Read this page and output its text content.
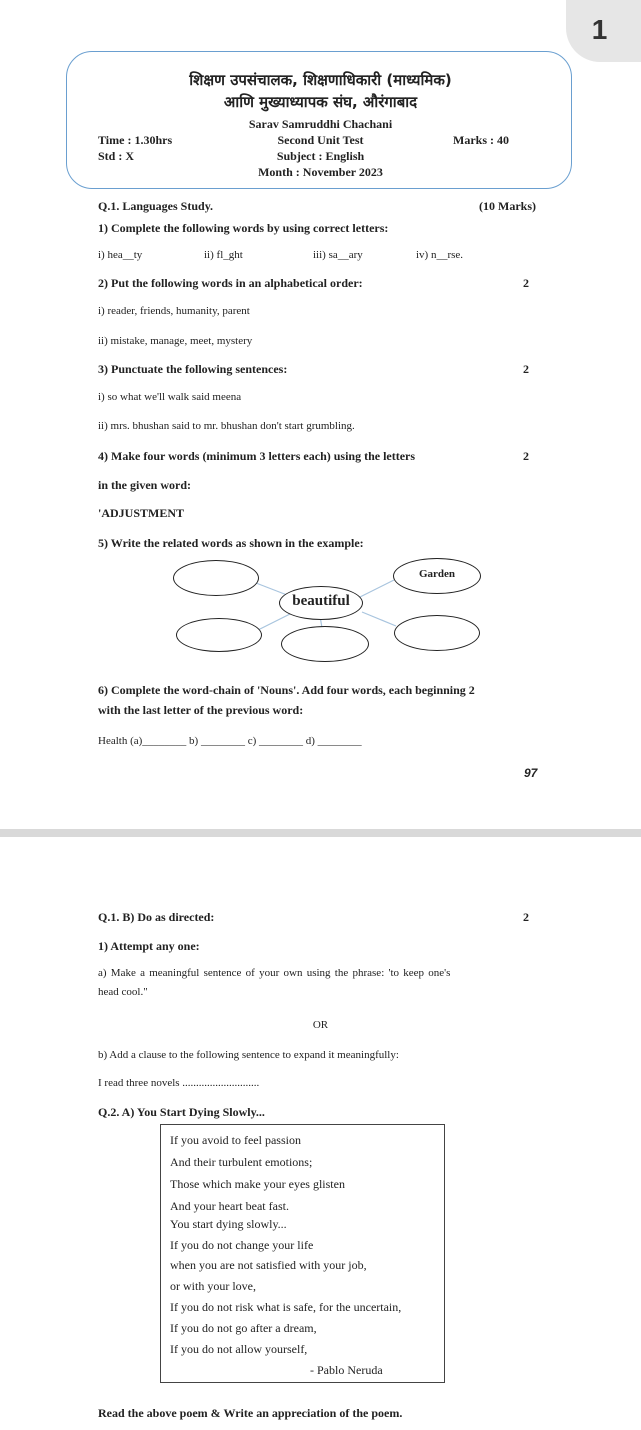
1
शिक्षण उपसंचालक, शिक्षणाधिकारी (माध्यमिक)
आणि मुख्याध्यापक संघ, औरंगाबाद
Sarav Samruddhi Chachani
Time : 1.30hrs	Second Unit Test	Marks : 40
Std : X	Subject : English
Month : November 2023
Q.1. Languages Study.	(10 Marks)
1) Complete the following words by using correct letters:
i) hea__ty	ii) fl_ght	iii) sa__ary	iv) n__rse.
2) Put the following words in an alphabetical order:	2
i) reader, friends, humanity, parent
ii) mistake, manage, meet, mystery
3) Punctuate the following sentences:	2
i) so what we'll walk said meena
ii) mrs. bhushan said to mr. bhushan don't start grumbling.
4) Make four words (minimum 3 letters each) using the letters	2
in the given word:
'ADJUSTMENT
5) Write the related words as shown in the example:
Garden
beautiful
6) Complete the word-chain of 'Nouns'. Add four words, each beginning 2
with the last letter of the previous word:
Health (a)________ b) ________ c) ________ d) ________
97
Q.1. B) Do as directed:	2
1) Attempt any one:
a) Make a meaningful sentence of your own using the phrase: 'to keep one's
head cool."
OR
b) Add a clause to the following sentence to expand it meaningfully:
I read three novels ............................
Q.2. A) You Start Dying Slowly...
If you avoid to feel passion
And their turbulent emotions;
Those which make your eyes glisten
And your heart beat fast.
You start dying slowly...
If you do not change your life
when you are not satisfied with your job,
or with your love,
If you do not risk what is safe, for the uncertain,
If you do not go after a dream,
If you do not allow yourself,
- Pablo Neruda
Read the above poem & Write an appreciation of the poem.
